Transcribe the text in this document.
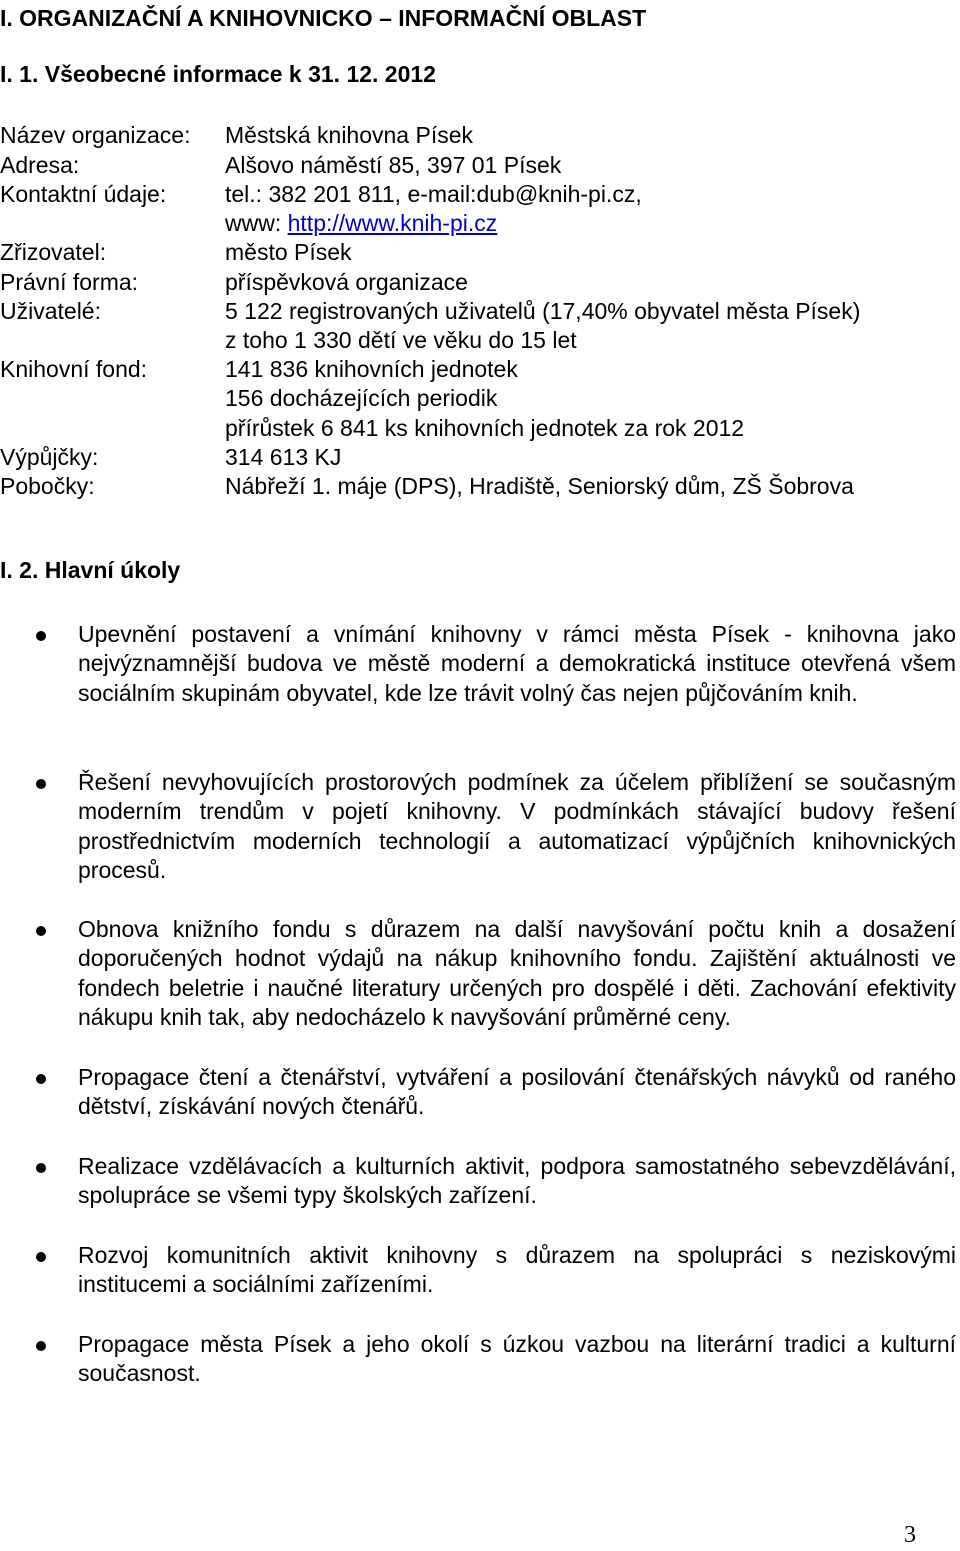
I. ORGANIZAČNÍ A KNIHOVNICKO – INFORMAČNÍ OBLAST
I. 1. Všeobecné informace k 31. 12. 2012
Název organizace: Městská knihovna Písek
Adresa:	Alšovo náměstí 85, 397 01 Písek
Kontaktní údaje:	tel.: 382 201 811, e-mail:dub@knih-pi.cz,
www: http://www.knih-pi.cz
Zřizovatel:	město Písek
Právní forma:	příspěvková organizace
Uživatelé:	5 122 registrovaných uživatelů (17,40% obyvatel města Písek)
z toho 1 330 dětí ve věku do 15 let
Knihovní fond:	141 836 knihovních jednotek
156 docházejících periodik
přírůstek 6 841 ks knihovních jednotek za rok 2012
Výpůjčky:	314 613 KJ
Pobočky:	Nábřeží 1. máje (DPS), Hradiště, Seniorský dům, ZŠ Šobrova
I. 2. Hlavní úkoly
Upevnění postavení a vnímání knihovny v rámci města Písek - knihovna jako nejvýznamnější budova ve městě moderní a demokratická instituce otevřená všem sociálním skupinám obyvatel, kde lze trávit volný čas nejen půjčováním knih.
Řešení nevyhovujících prostorových podmínek za účelem přiblížení se současným moderním trendům v pojetí knihovny. V podmínkách stávající budovy řešení prostřednictvím moderních technologií a automatizací výpůjčních knihovnických procesů.
Obnova knižního fondu s důrazem na další navyšování počtu knih a dosažení doporučených hodnot výdajů na nákup knihovního fondu. Zajištění aktuálnosti ve fondech beletrie i naučné literatury určených pro dospělé i děti. Zachování efektivity nákupu knih tak, aby nedocházelo k navyšování průměrné ceny.
Propagace čtení a čtenářství, vytváření a posilování čtenářských návyků od raného dětství, získávání nových čtenářů.
Realizace vzdělávacích a kulturních aktivit, podpora samostatného sebevzdělávání, spolupráce se všemi typy školských zařízení.
Rozvoj komunitních aktivit knihovny s důrazem na spolupráci s neziskovými institucemi a sociálními zařízeními.
Propagace města Písek a jeho okolí s úzkou vazbou na literární tradici a kulturní současnost.
3
